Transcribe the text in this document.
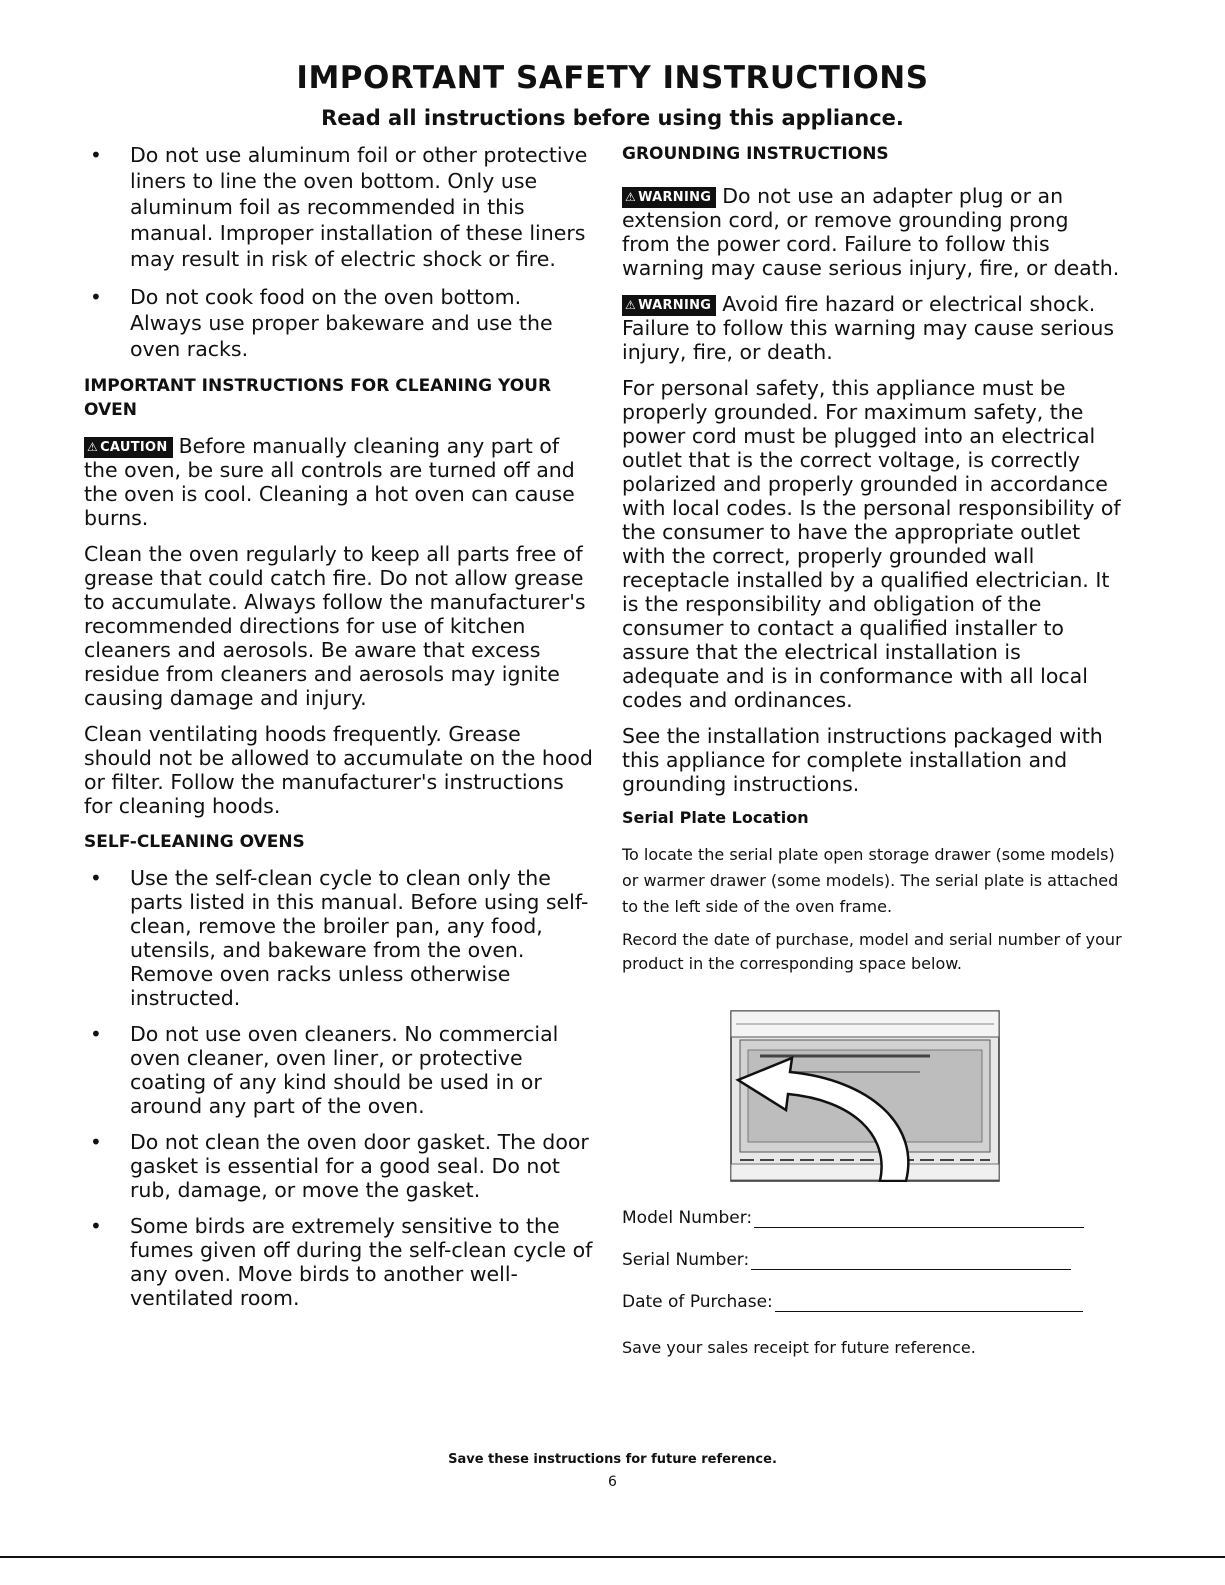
IMPORTANT SAFETY INSTRUCTIONS
Read all instructions before using this appliance.
• Do not use aluminum foil or other protective liners to line the oven bottom. Only use aluminum foil as recommended in this manual. Improper installation of these liners may result in risk of electric shock or fire.
• Do not cook food on the oven bottom. Always use proper bakeware and use the oven racks.
IMPORTANT INSTRUCTIONS FOR CLEANING YOUR OVEN

⚠ CAUTION Before manually cleaning any part of the oven, be sure all controls are turned off and the oven is cool. Cleaning a hot oven can cause burns.

Clean the oven regularly to keep all parts free of grease that could catch fire. Do not allow grease to accumulate. Always follow the manufacturer's recommended directions for use of kitchen cleaners and aerosols. Be aware that excess residue from cleaners and aerosols may ignite causing damage and injury.

Clean ventilating hoods frequently. Grease should not be allowed to accumulate on the hood or filter. Follow the manufacturer's instructions for cleaning hoods.

SELF-CLEANING OVENS
• Use the self-clean cycle to clean only the parts listed in this manual. Before using self-clean, remove the broiler pan, any food, utensils, and bakeware from the oven. Remove oven racks unless otherwise instructed.
• Do not use oven cleaners. No commercial oven cleaner, oven liner, or protective coating of any kind should be used in or around any part of the oven.
• Do not clean the oven door gasket. The door gasket is essential for a good seal. Do not rub, damage, or move the gasket.
• Some birds are extremely sensitive to the fumes given off during the self-clean cycle of any oven. Move birds to another well-ventilated room.
GROUNDING INSTRUCTIONS

⚠ WARNING Do not use an adapter plug or an extension cord, or remove grounding prong from the power cord. Failure to follow this warning may cause serious injury, fire, or death.

⚠ WARNING Avoid fire hazard or electrical shock. Failure to follow this warning may cause serious injury, fire, or death.

For personal safety, this appliance must be properly grounded. For maximum safety, the power cord must be plugged into an electrical outlet that is the correct voltage, is correctly polarized and properly grounded in accordance with local codes. Is the personal responsibility of the consumer to have the appropriate outlet with the correct, properly grounded wall receptacle installed by a qualified electrician. It is the responsibility and obligation of the consumer to contact a qualified installer to assure that the electrical installation is adequate and is in conformance with all local codes and ordinances.

See the installation instructions packaged with this appliance for complete installation and grounding instructions.

Serial Plate Location

To locate the serial plate open storage drawer (some models) or warmer drawer (some models). The serial plate is attached to the left side of the oven frame.

Record the date of purchase, model and serial number of your product in the corresponding space below.

Model Number:
Serial Number:
Date of Purchase:

Save your sales receipt for future reference.

Save these instructions for future reference.

6
